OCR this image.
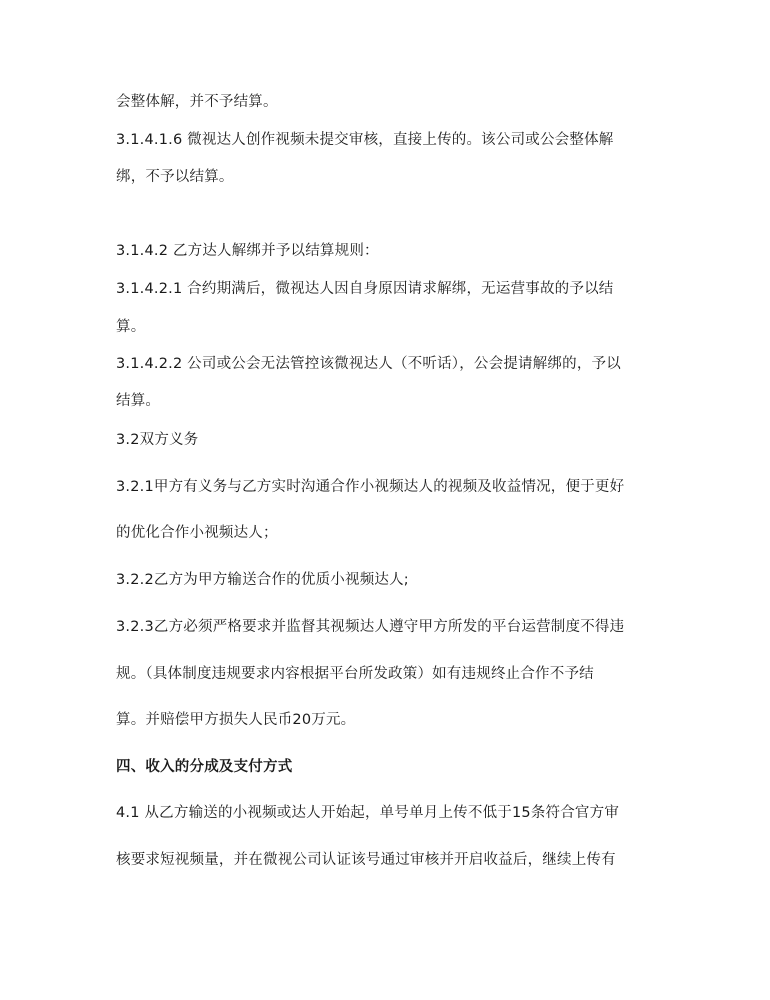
会整体解，并不予结算。
3.1.4.1.6 微视达人创作视频未提交审核，直接上传的。该公司或公会整体解
绑，不予以结算。
3.1.4.2 乙方达人解绑并予以结算规则：
3.1.4.2.1 合约期满后，微视达人因自身原因请求解绑，无运营事故的予以结
算。
3.1.4.2.2 公司或公会无法管控该微视达人（不听话），公会提请解绑的，予以
结算。
3.2双方义务
3.2.1甲方有义务与乙方实时沟通合作小视频达人的视频及收益情况，便于更好
的优化合作小视频达人；
3.2.2乙方为甲方输送合作的优质小视频达人;
3.2.3乙方必须严格要求并监督其视频达人遵守甲方所发的平台运营制度不得违
规。（具体制度违规要求内容根据平台所发政策）如有违规终止合作不予结
算。并赔偿甲方损失人民币20万元。
四、收入的分成及支付方式
4.1 从乙方输送的小视频或达人开始起，单号单月上传不低于15条符合官方审
核要求短视频量，并在微视公司认证该号通过审核并开启收益后，继续上传有
